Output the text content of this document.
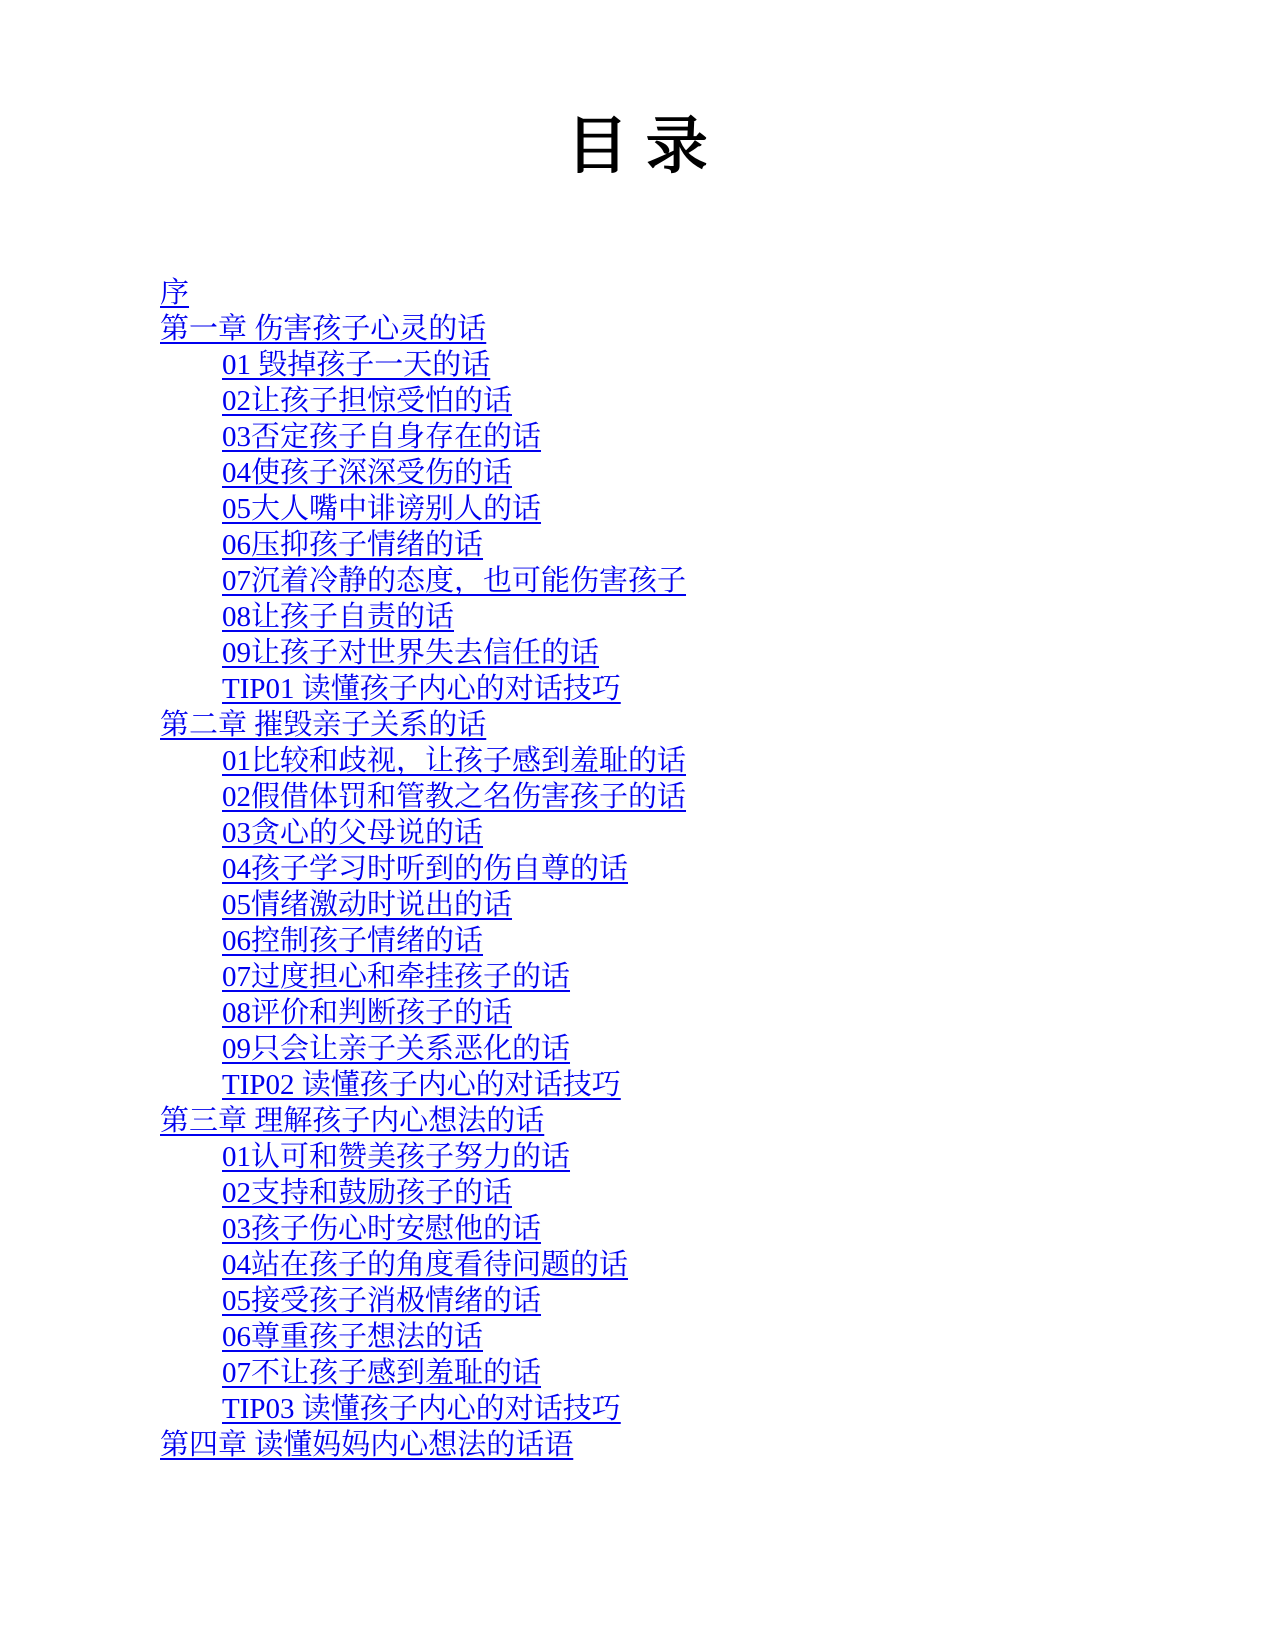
目 录
序
第一章 伤害孩子心灵的话
01 毁掉孩子一天的话
02让孩子担惊受怕的话
03否定孩子自身存在的话
04使孩子深深受伤的话
05大人嘴中诽谤别人的话
06压抑孩子情绪的话
07沉着冷静的态度，也可能伤害孩子
08让孩子自责的话
09让孩子对世界失去信任的话
TIP01 读懂孩子内心的对话技巧
第二章 摧毁亲子关系的话
01比较和歧视，让孩子感到羞耻的话
02假借体罚和管教之名伤害孩子的话
03贪心的父母说的话
04孩子学习时听到的伤自尊的话
05情绪激动时说出的话
06控制孩子情绪的话
07过度担心和牵挂孩子的话
08评价和判断孩子的话
09只会让亲子关系恶化的话
TIP02 读懂孩子内心的对话技巧
第三章 理解孩子内心想法的话
01认可和赞美孩子努力的话
02支持和鼓励孩子的话
03孩子伤心时安慰他的话
04站在孩子的角度看待问题的话
05接受孩子消极情绪的话
06尊重孩子想法的话
07不让孩子感到羞耻的话
TIP03 读懂孩子内心的对话技巧
第四章 读懂妈妈内心想法的话语
